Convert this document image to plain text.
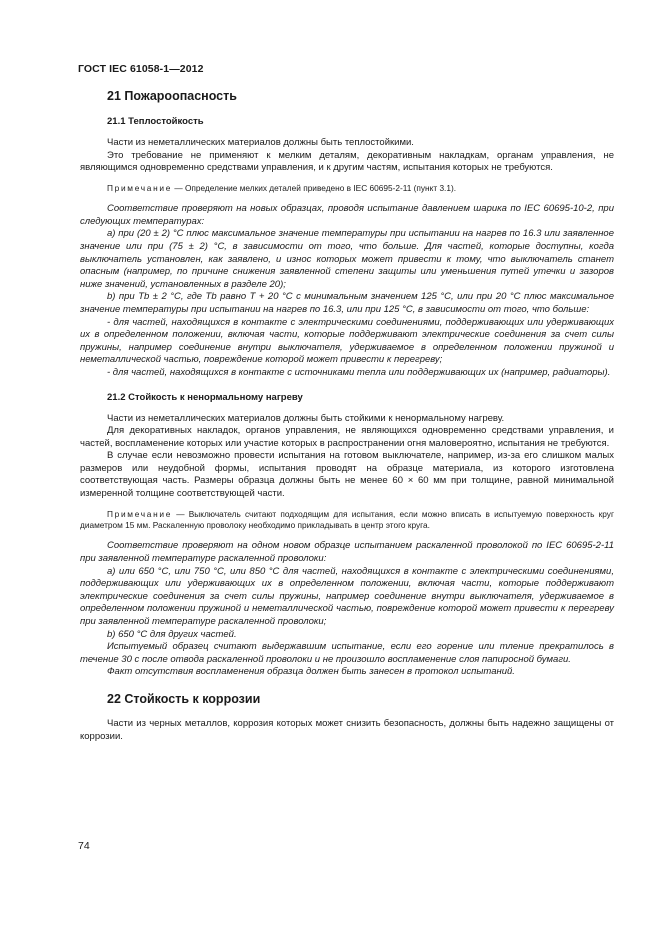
ГОСТ IEC 61058-1—2012
21 Пожароопасность
21.1 Теплостойкость

Части из неметаллических материалов должны быть теплостойкими.

Это требование не применяют к мелким деталям, декоративным накладкам, органам управления, не являющимся одновременно средствами управления, и к другим частям, испытания которых не требуются.

Примечание — Определение мелких деталей приведено в IEC 60695-2-11 (пункт 3.1).

Соответствие проверяют на новых образцах, проводя испытание давлением шарика по IEC 60695-10-2, при следующих температурах:

a) при (20 ± 2) °С плюс максимальное значение температуры при испытании на нагрев по 16.3 или заявленное значение или при (75 ± 2) °С, в зависимости от того, что больше. Для частей, которые доступны, когда выключатель установлен, как заявлено, и износ которых может привести к тому, что выключатель станет опасным (например, по причине снижения заявленной степени защиты или уменьшения путей утечки и зазоров ниже значений, установленных в разделе 20);

b) при Tb ± 2 °С, где Tb равно T + 20 °С с минимальным значением 125 °С, или при 20 °С плюс максимальное значение температуры при испытании на нагрев по 16.3, или при 125 °С, в зависимости от того, что больше:

- для частей, находящихся в контакте с электрическими соединениями, поддерживающих или удерживающих их в определенном положении, включая части, которые поддерживают электрические соединения за счет силы пружины, например соединение внутри выключателя, удерживаемое в определенном положении пружиной и неметаллической частью, повреждение которой может привести к перегреву;

- для частей, находящихся в контакте с источниками тепла или поддерживающих их (например, радиаторы).

21.2 Стойкость к ненормальному нагреву

Части из неметаллических материалов должны быть стойкими к ненормальному нагреву.

Для декоративных накладок, органов управления, не являющихся одновременно средствами управления, и частей, воспламенение которых или участие которых в распространении огня маловероятно, испытания не требуются.

В случае если невозможно провести испытания на готовом выключателе, например, из-за его слишком малых размеров или неудобной формы, испытания проводят на образце материала, из которого изготовлена соответствующая часть. Размеры образца должны быть не менее 60 × 60 мм при толщине, равной минимальной измеренной толщине соответствующей части.

Примечание — Выключатель считают подходящим для испытания, если можно вписать в испытуемую поверхность круг диаметром 15 мм. Раскаленную проволоку необходимо прикладывать в центр этого круга.

Соответствие проверяют на одном новом образце испытанием раскаленной проволокой по IEC 60695-2-11 при заявленной температуре раскаленной проволоки:

a) или 650 °С, или 750 °С, или 850 °С для частей, находящихся в контакте с электрическими соединениями, поддерживающих или удерживающих их в определенном положении, включая части, которые поддерживают электрические соединения за счет силы пружины, например соединение внутри выключателя, удерживаемое в определенном положении пружиной и неметаллической частью, повреждение которой может привести к перегреву при заявленной температуре раскаленной проволоки;

b) 650 °С для других частей.

Испытуемый образец считают выдержавшим испытание, если его горение или тление прекратилось в течение 30 с после отвода раскаленной проволоки и не произошло воспламенение слоя папиросной бумаги.

Факт отсутствия воспламенения образца должен быть занесен в протокол испытаний.

22 Стойкость к коррозии

Части из черных металлов, коррозия которых может снизить безопасность, должны быть надежно защищены от коррозии.

74
